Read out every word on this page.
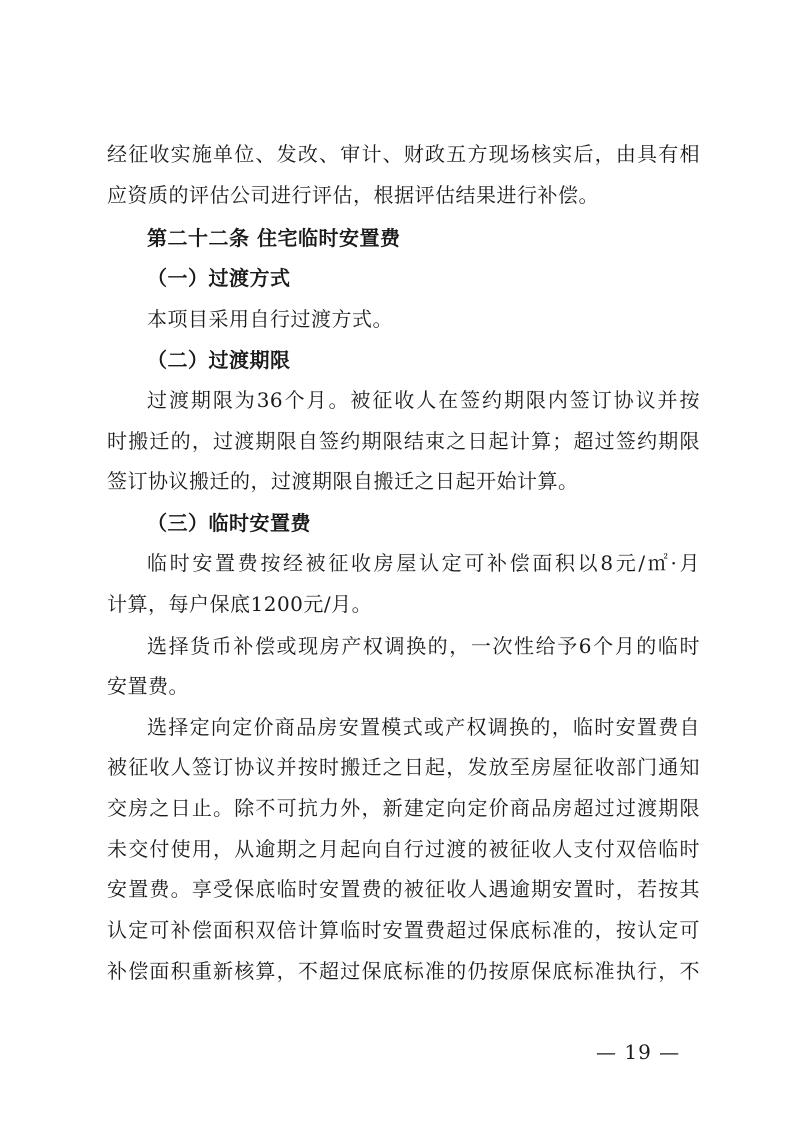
经征收实施单位、发改、审计、财政五方现场核实后，由具有相
应资质的评估公司进行评估，根据评估结果进行补偿。
第二十二条 住宅临时安置费
（一）过渡方式
本项目采用自行过渡方式。
（二）过渡期限
过渡期限为36个月。被征收人在签约期限内签订协议并按
时搬迁的，过渡期限自签约期限结束之日起计算；超过签约期限
签订协议搬迁的，过渡期限自搬迁之日起开始计算。
（三）临时安置费
临时安置费按经被征收房屋认定可补偿面积以8元/㎡·月
计算，每户保底1200元/月。
选择货币补偿或现房产权调换的，一次性给予6个月的临时
安置费。
选择定向定价商品房安置模式或产权调换的，临时安置费自
被征收人签订协议并按时搬迁之日起，发放至房屋征收部门通知
交房之日止。除不可抗力外，新建定向定价商品房超过过渡期限
未交付使用，从逾期之月起向自行过渡的被征收人支付双倍临时
安置费。享受保底临时安置费的被征收人遇逾期安置时，若按其
认定可补偿面积双倍计算临时安置费超过保底标准的，按认定可
补偿面积重新核算，不超过保底标准的仍按原保底标准执行，不
— 19 —
